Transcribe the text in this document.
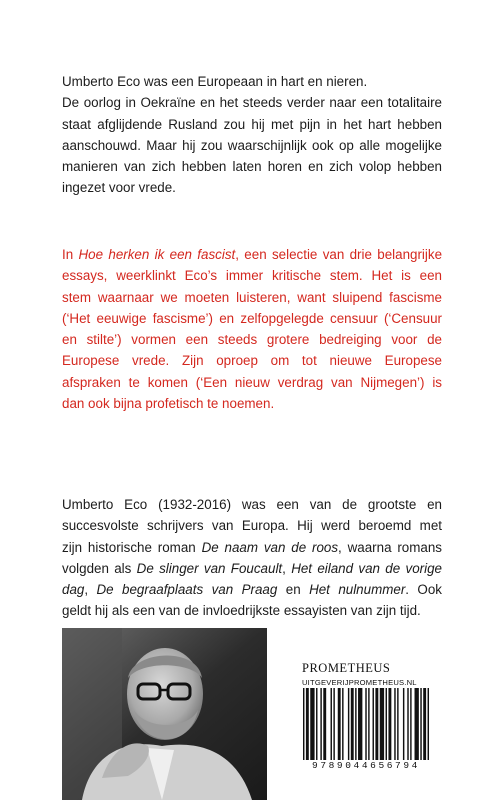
Umberto Eco was een Europeaan in hart en nieren.
De oorlog in Oekraïne en het steeds verder naar een totalitaire
staat afglijdende Rusland zou hij met pijn in het hart hebben
aanschouwd. Maar hij zou waarschijnlijk ook op alle mogelijke
manieren van zich hebben laten horen en zich volop hebben
ingezet voor vrede.
In Hoe herken ik een fascist, een selectie van drie belangrijke
essays, weerklinkt Eco’s immer kritische stem. Het is een
stem waarnaar we moeten luisteren, want sluipend fascisme
(‘Het eeuwige fascisme’) en zelfopgelegde censuur (‘Censuur
en stilte’) vormen een steeds grotere bedreiging voor de
Europese vrede. Zijn oproep om tot nieuwe Europese
afspraken te komen (‘Een nieuw verdrag van Nijmegen’) is
dan ook bijna profetisch te noemen.
Umberto Eco (1932-2016) was een van de grootste en
succesvolste schrijvers van Europa. Hij werd beroemd met
zijn historische roman De naam van de roos, waarna romans
volgden als De slinger van Foucault, Het eiland van de vorige
dag, De begraafplaats van Praag en Het nulnummer. Ook
geldt hij als een van de invloedrijkste essayisten van zijn tijd.
PROMETHEUS
UITGEVERIJPROMETHEUS.NL
9789044656794
